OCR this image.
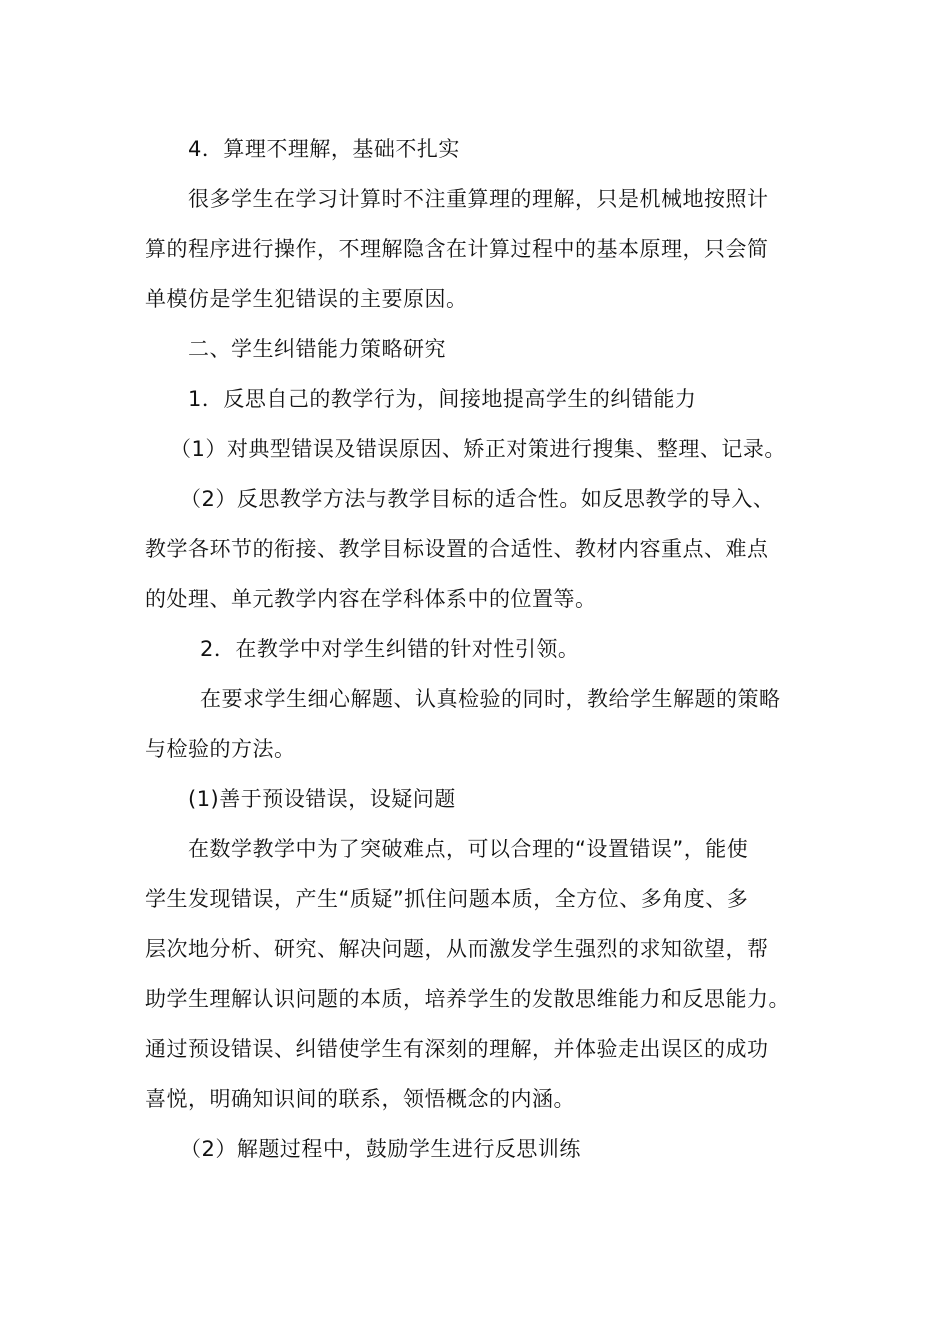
4．算理不理解，基础不扎实
很多学生在学习计算时不注重算理的理解，只是机械地按照计
算的程序进行操作，不理解隐含在计算过程中的基本原理，只会简
单模仿是学生犯错误的主要原因。
二、学生纠错能力策略研究
1．反思自己的教学行为，间接地提高学生的纠错能力
（1）对典型错误及错误原因、矫正对策进行搜集、整理、记录。
（2）反思教学方法与教学目标的适合性。如反思教学的导入、
教学各环节的衔接、教学目标设置的合适性、教材内容重点、难点
的处理、单元教学内容在学科体系中的位置等。
2．在教学中对学生纠错的针对性引领。
在要求学生细心解题、认真检验的同时，教给学生解题的策略
与检验的方法。
(1)善于预设错误，设疑问题
在数学教学中为了突破难点，可以合理的“设置错误”，能使
学生发现错误，产生“质疑”抓住问题本质，全方位、多角度、多
层次地分析、研究、解决问题，从而激发学生强烈的求知欲望，帮
助学生理解认识问题的本质，培养学生的发散思维能力和反思能力。
通过预设错误、纠错使学生有深刻的理解，并体验走出误区的成功
喜悦，明确知识间的联系，领悟概念的内涵。
（2）解题过程中，鼓励学生进行反思训练
